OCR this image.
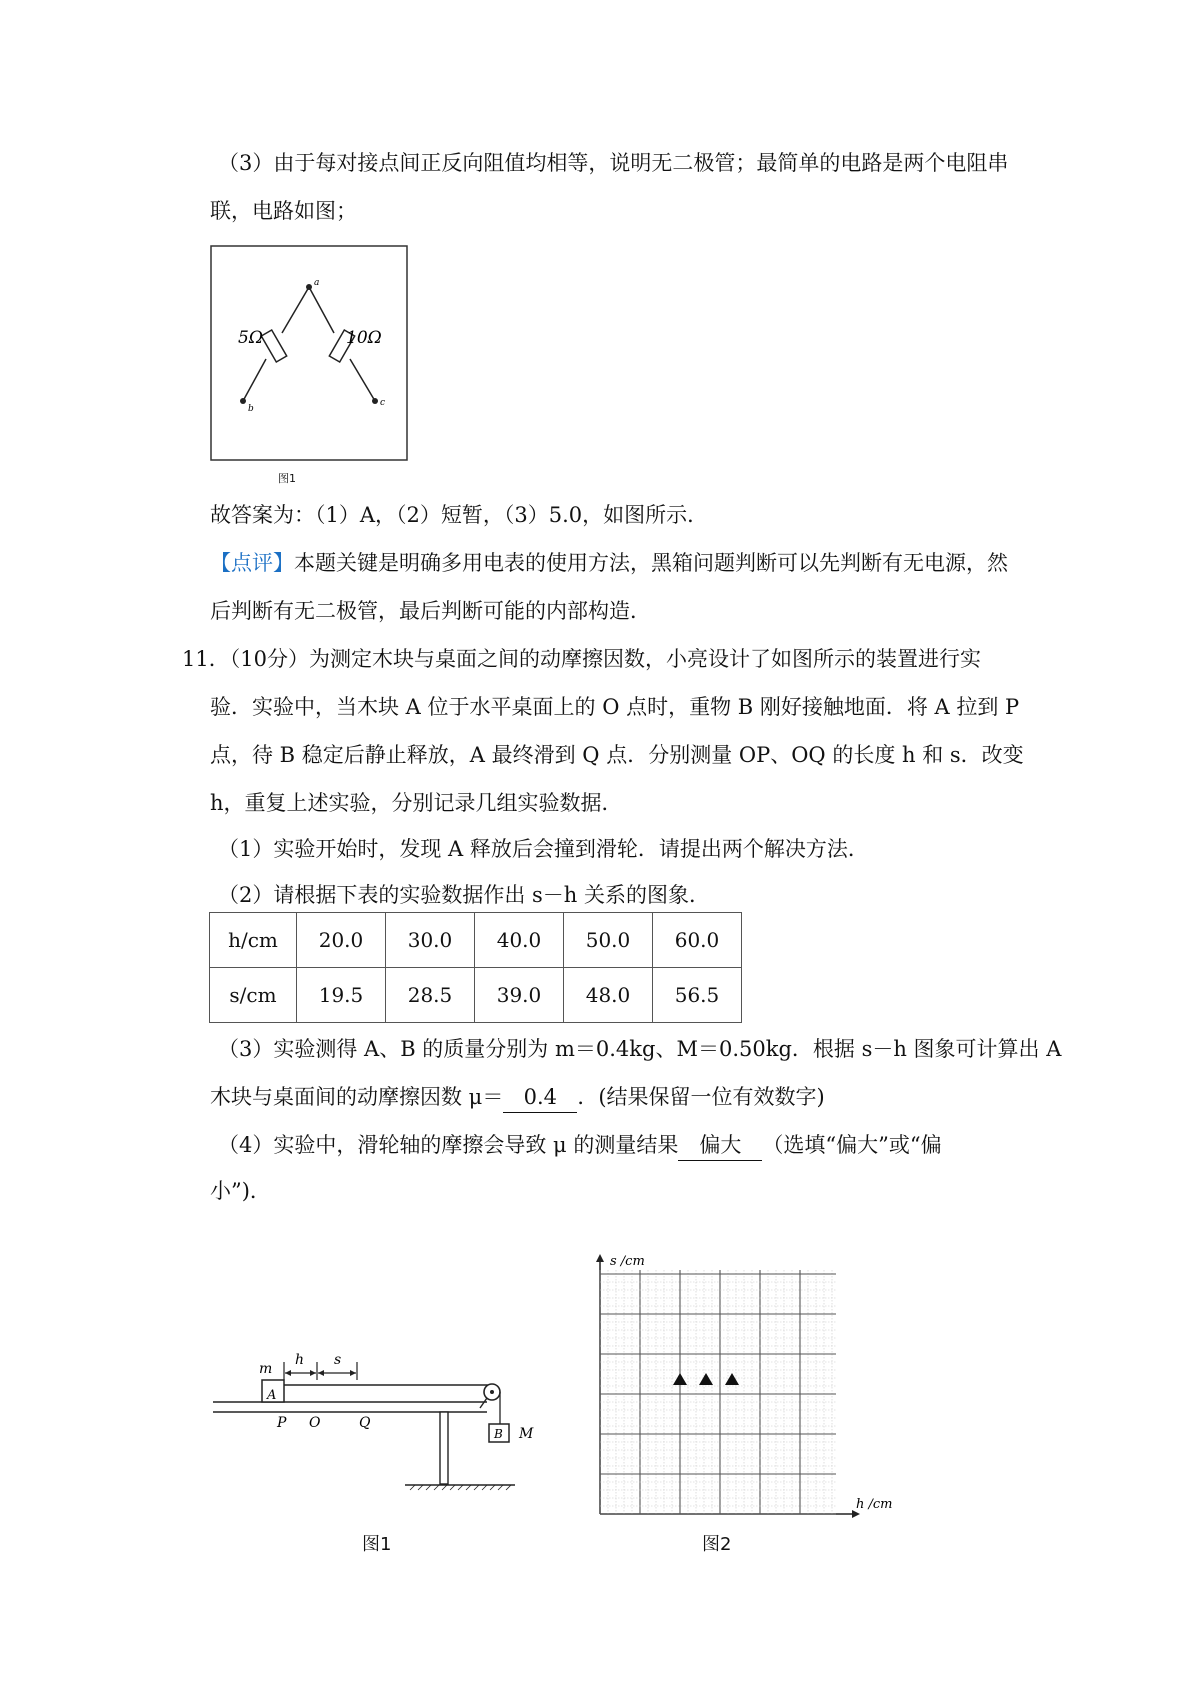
（3）由于每对接点间正反向阻值均相等，说明无二极管；最简单的电路是两个电阻串
联，电路如图；
a
b
c
5Ω	10Ω
图1
故答案为：（1）A，（2）短暂，（3）5.0，如图所示．
【点评】本题关键是明确多用电表的使用方法，黑箱问题判断可以先判断有无电源，然
后判断有无二极管，最后判断可能的内部构造．
11．（10分）为测定木块与桌面之间的动摩擦因数，小亮设计了如图所示的装置进行实
验．实验中，当木块 A 位于水平桌面上的 O 点时，重物 B 刚好接触地面．将 A 拉到 P
点，待 B 稳定后静止释放，A 最终滑到 Q 点．分别测量 OP、OQ 的长度 h 和 s．改变
h，重复上述实验，分别记录几组实验数据．
（1）实验开始时，发现 A 释放后会撞到滑轮．请提出两个解决方法．
（2）请根据下表的实验数据作出 s－h 关系的图象．
h/cm	20.0	30.0	40.0	50.0	60.0
s/cm	19.5	28.5	39.0	48.0	56.5
（3）实验测得 A、B 的质量分别为 m＝0.4kg、M＝0.50kg．根据 s－h 图象可计算出 A
木块与桌面间的动摩擦因数 μ＝ 0.4 ．(结果保留一位有效数字)
（4）实验中，滑轮轴的摩擦会导致 μ 的测量结果 偏大 （选填“偏大”或“偏
小”)．
A
m
h s
P O	Q
B M
图1
s /cm
h /cm
图2
